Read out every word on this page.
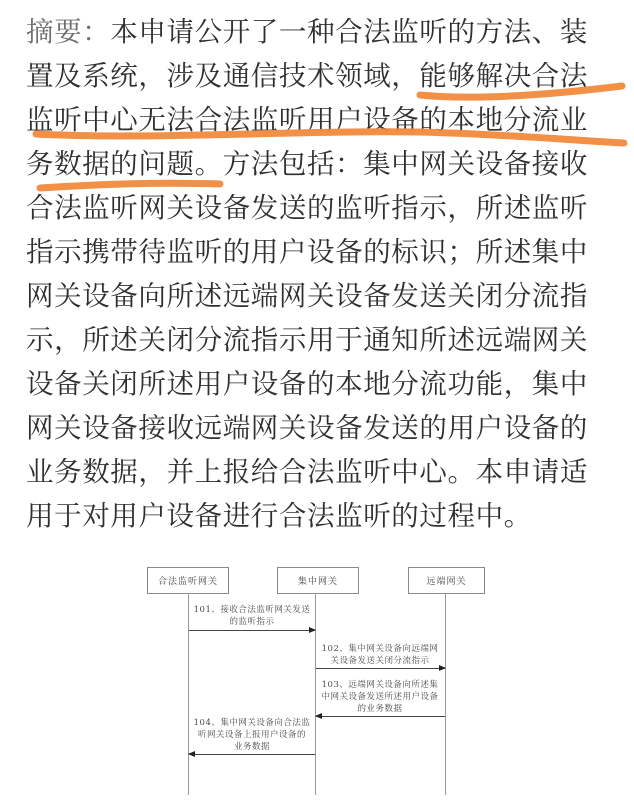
摘要：本申请公开了一种合法监听的方法、装
置及系统，涉及通信技术领域，能够解决合法
监听中心无法合法监听用户设备的本地分流业
务数据的问题。方法包括：集中网关设备接收
合法监听网关设备发送的监听指示，所述监听
指示携带待监听的用户设备的标识；所述集中
网关设备向所述远端网关设备发送关闭分流指
示，所述关闭分流指示用于通知所述远端网关
设备关闭所述用户设备的本地分流功能，集中
网关设备接收远端网关设备发送的用户设备的
业务数据，并上报给合法监听中心。本申请适
用于对用户设备进行合法监听的过程中。
合法监听网关	集中网关	远端网关
101、接收合法监听网关发送
的监听指示
102、集中网关设备向远端网
关设备发送关闭分流指示
103、远端网关设备向所述集
中网关设备发送所述用户设备
的业务数据
104、集中网关设备向合法监
听网关设备上报用户设备的
业务数据
